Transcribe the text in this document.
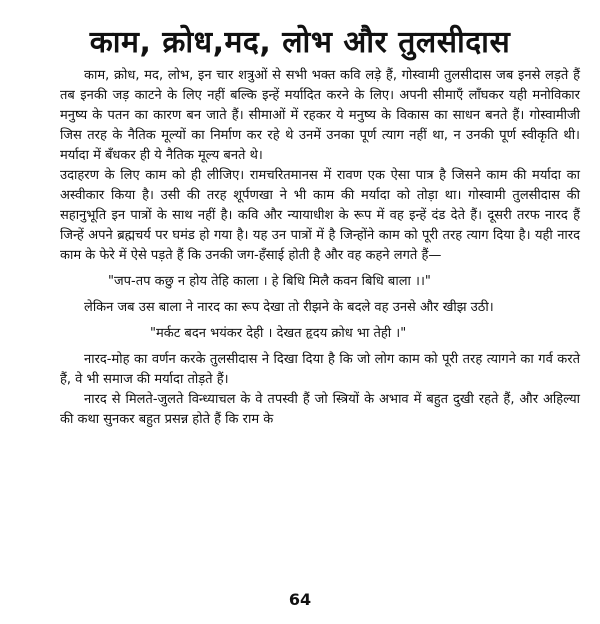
काम, क्रोध,मद, लोभ और तुलसीदास

काम, क्रोध, मद, लोभ, इन चार शत्रुओं से सभी भक्त कवि लड़े हैं, गोस्वामी तुलसीदास जब इनसे लड़ते हैं तब इनकी जड़ काटने के लिए नहीं बल्कि इन्हें मर्यादित करने के लिए। अपनी सीमाएँ लाँघकर यही मनोविकार मनुष्य के पतन का कारण बन जाते हैं। सीमाओं में रहकर ये मनुष्य के विकास का साधन बनते हैं। गोस्वामीजी जिस तरह के नैतिक मूल्यों का निर्माण कर रहे थे उनमें उनका पूर्ण त्याग नहीं था, न उनकी पूर्ण स्वीकृति थी। मर्यादा में बँधकर ही ये नैतिक मूल्य बनते थे।

उदाहरण के लिए काम को ही लीजिए। रामचरितमानस में रावण एक ऐसा पात्र है जिसने काम की मर्यादा का अस्वीकार किया है। उसी की तरह शूर्पणखा ने भी काम की मर्यादा को तोड़ा था। गोस्वामी तुलसीदास की सहानुभूति इन पात्रों के साथ नहीं है। कवि और न्यायाधीश के रूप में वह इन्हें दंड देते हैं। दूसरी तरफ नारद हैं जिन्हें अपने ब्रह्मचर्य पर घमंड हो गया है। यह उन पात्रों में है जिन्होंने काम को पूरी तरह त्याग दिया है। यही नारद काम के फेरे में ऐसे पड़ते हैं कि उनकी जग-हँसाई होती है और वह कहने लगते हैं—

"जप-तप कछु न होय तेहि काला । हे बिधि मिलै कवन बिधि बाला ।।"

लेकिन जब उस बाला ने नारद का रूप देखा तो रीझने के बदले वह उनसे और खीझ उठी।

"मर्कट बदन भयंकर देही । देखत हृदय क्रोध भा तेही ।"

नारद-मोह का वर्णन करके तुलसीदास ने दिखा दिया है कि जो लोग काम को पूरी तरह त्यागने का गर्व करते हैं, वे भी समाज की मर्यादा तोड़ते हैं।

नारद से मिलते-जुलते विन्ध्याचल के वे तपस्वी हैं जो स्त्रियों के अभाव में बहुत दुखी रहते हैं, और अहिल्या की कथा सुनकर बहुत प्रसन्न होते हैं कि राम के

64
